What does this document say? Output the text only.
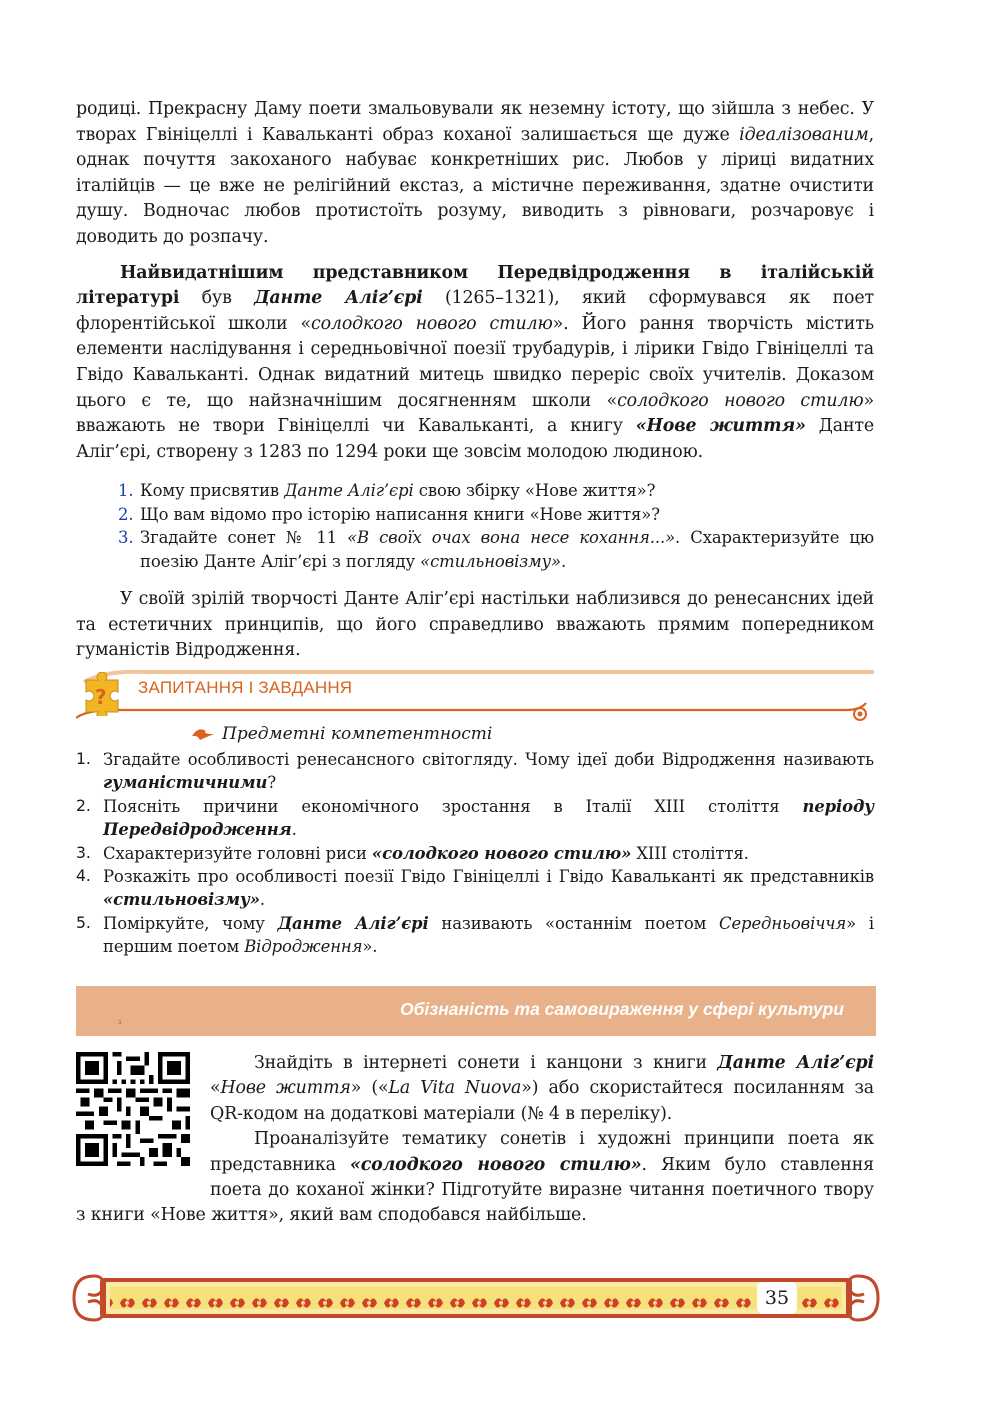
родиці. Прекрасну Даму поети змальовували як неземну істоту, що зійшла з небес. У творах Гвініцеллі і Кавальканті образ коханої залишається ще дуже ідеалізованим, однак почуття закоханого набуває конкретніших рис. Любов у ліриці видатних італійців — це вже не релігійний екстаз, а містичне переживання, здатне очистити душу. Водночас любов протистоїть розуму, виводить з рівноваги, розчаровує і доводить до розпачу.

Найвидатнішим представником Передвідродження в італійській літературі був Данте Аліг’єрі (1265–1321), який сформувався як поет флорентійської школи «солодкого нового стилю». Його рання творчість містить елементи наслідування і середньовічної поезії трубадурів, і лірики Гвідо Гвініцеллі та Гвідо Кавальканті. Однак видатний митець швидко переріс своїх учителів. Доказом цього є те, що найзначнішим досягненням школи «солодкого нового стилю» вважають не твори Гвініцеллі чи Кавальканті, а книгу «Нове життя» Данте Аліг’єрі, створену з 1283 по 1294 роки ще зовсім молодою людиною.

1. Кому присвятив Данте Аліг’єрі свою збірку «Нове життя»?
2. Що вам відомо про історію написання книги «Нове життя»?
3. Згадайте сонет № 11 «В своїх очах вона несе кохання...». Схарактеризуйте цю поезію Данте Аліг’єрі з погляду «стильновізму».

У своїй зрілій творчості Данте Аліг’єрі настільки наблизився до ренесансних ідей та естетичних принципів, що його справедливо вважають прямим попередником гуманістів Відродження.

? ЗАПИТАННЯ І ЗАВДАННЯ
Предметні компетентності
1. Згадайте особливості ренесансного світогляду. Чому ідеї доби Відродження називають гуманістичними?
2. Поясніть причини економічного зростання в Італії XIII століття періоду Передвідродження.
3. Схарактеризуйте головні риси «солодкого нового стилю» XIII століття.
4. Розкажіть про особливості поезії Гвідо Гвініцеллі і Гвідо Кавальканті як представників «стильновізму».
5. Поміркуйте, чому Данте Аліг’єрі називають «останнім поетом Середньовіччя» і першим поетом Відродження».
з
Обізнаність та самовираження у сфері культури

Знайдіть в інтернеті сонети і канцони з книги Данте Аліг’єрі «Нове життя» («La Vita Nuova») або скористайтеся посиланням за QR-кодом на додаткові матеріали (№ 4 в переліку).

Проаналізуйте тематику сонетів і художні принципи поета як представника «солодкого нового стилю». Яким було ставлення поета до коханої жінки? Підготуйте виразне читання поетичного твору з книги «Нове життя», який вам сподобався найбільше.

35
